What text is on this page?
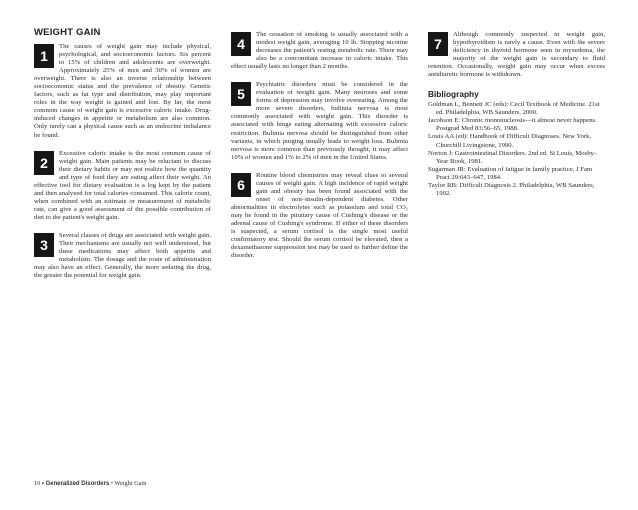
WEIGHT GAIN
1

The causes of weight gain may include physical, psychological, and socioeconomic factors. Six percent to 15% of children and adolescents are overweight. Approximately 25% of men and 30% of women are overweight. There is also an inverse relationship between socioeconomic status and the prevalence of obesity. Genetic factors, such as fat type and distribution, may play important roles in the way weight is gained and lost. By far, the most common cause of weight gain is excessive caloric intake. Drug-induced changes in appetite or metabolism are also common. Only rarely can a physical cause such as an endocrine imbalance be found.

2

Excessive caloric intake is the most common cause of weight gain. Main patients may be reluctant to discuss their dietary habits or may not realize how the quantity and type of food they are eating affect their weight. An effective tool for dietary evaluation is a log kept by the patient and then analyzed for total calories consumed. This calorie count, when combined with an estimate or measurement of metabolic rate, can give a good assessment of the possible contribution of diet to the patient's weight gain.

3

Several classes of drugs are associated with weight gain. Their mechanisms are usually not well understood, but these medications may affect both appetite and metabolism. The dosage and the route of administration may also have an effect. Generally, the more sedating the drug, the greater the potential for weight gain.

4

The cessation of smoking is usually associated with a modest weight gain, averaging 10 lb. Stopping nicotine decreases the patient's resting metabolic rate. There may also be a concomitant increase in caloric intake. This effect usually lasts no longer than 2 months.

5

Psychiatric disorders must be considered in the evaluation of weight gain. Many neuroses and some forms of depression may involve overeating. Among the more severe disorders, bulimia nervosa is most commonly associated with weight gain. This disorder is associated with binge eating alternating with excessive caloric restriction. Bulimia nervosa should be distinguished from other variants, in which purging usually leads to weight loss. Bulimia nervosa is more common than previously thought; it may affect 10% of women and 1% to 2% of men in the United States.

6

Routine blood chemistries may reveal clues to several causes of weight gain. A high incidence of rapid weight gain and obesity has been found associated with the onset of non–insulin-dependent diabetes. Other abnormalities in electrolytes such as potassium and total CO₂ may be found in the pituitary cause of Cushing's disease or the adrenal cause of Cushing's syndrome. If either of these disorders is suspected, a serum cortisol is the single most useful confirmatory test. Should the serum cortisol be elevated, then a dexamethasone suppression test may be used to further define the disorder.

7

Although commonly suspected in weight gain, hypothyroidism is rarely a cause. Even with the severe deficiency in thyroid hormone seen in myxedema, the majority of the weight gain is secondary to fluid retention. Occasionally, weight gain may occur when excess antidiuretic hormone is withdrawn.

Bibliography

Goldman L, Bennett JC (eds): Cecil Textbook of Medicine. 21st ed. Philadelphia, WB Saunders, 2000.

Jacobson E: Chronic mononucleosis—it almost never happens. Postgrad Med 83:56–65, 1988.

Louis AA (ed): Handbook of Difficult Diagnoses. New York, Churchill Livingstone, 1990.

Norton J: Gastrointestinal Disorders. 2nd ed. St Louis, Mosby–Year Book, 1981.

Sugarman JR: Evaluation of fatigue in family practice. J Fam Pract 29:643–647, 1984.

Taylor RB: Difficult Diagnosis 2. Philadelphia, WB Saunders, 1992.

10 • Generalized Disorders • Weight Gain
